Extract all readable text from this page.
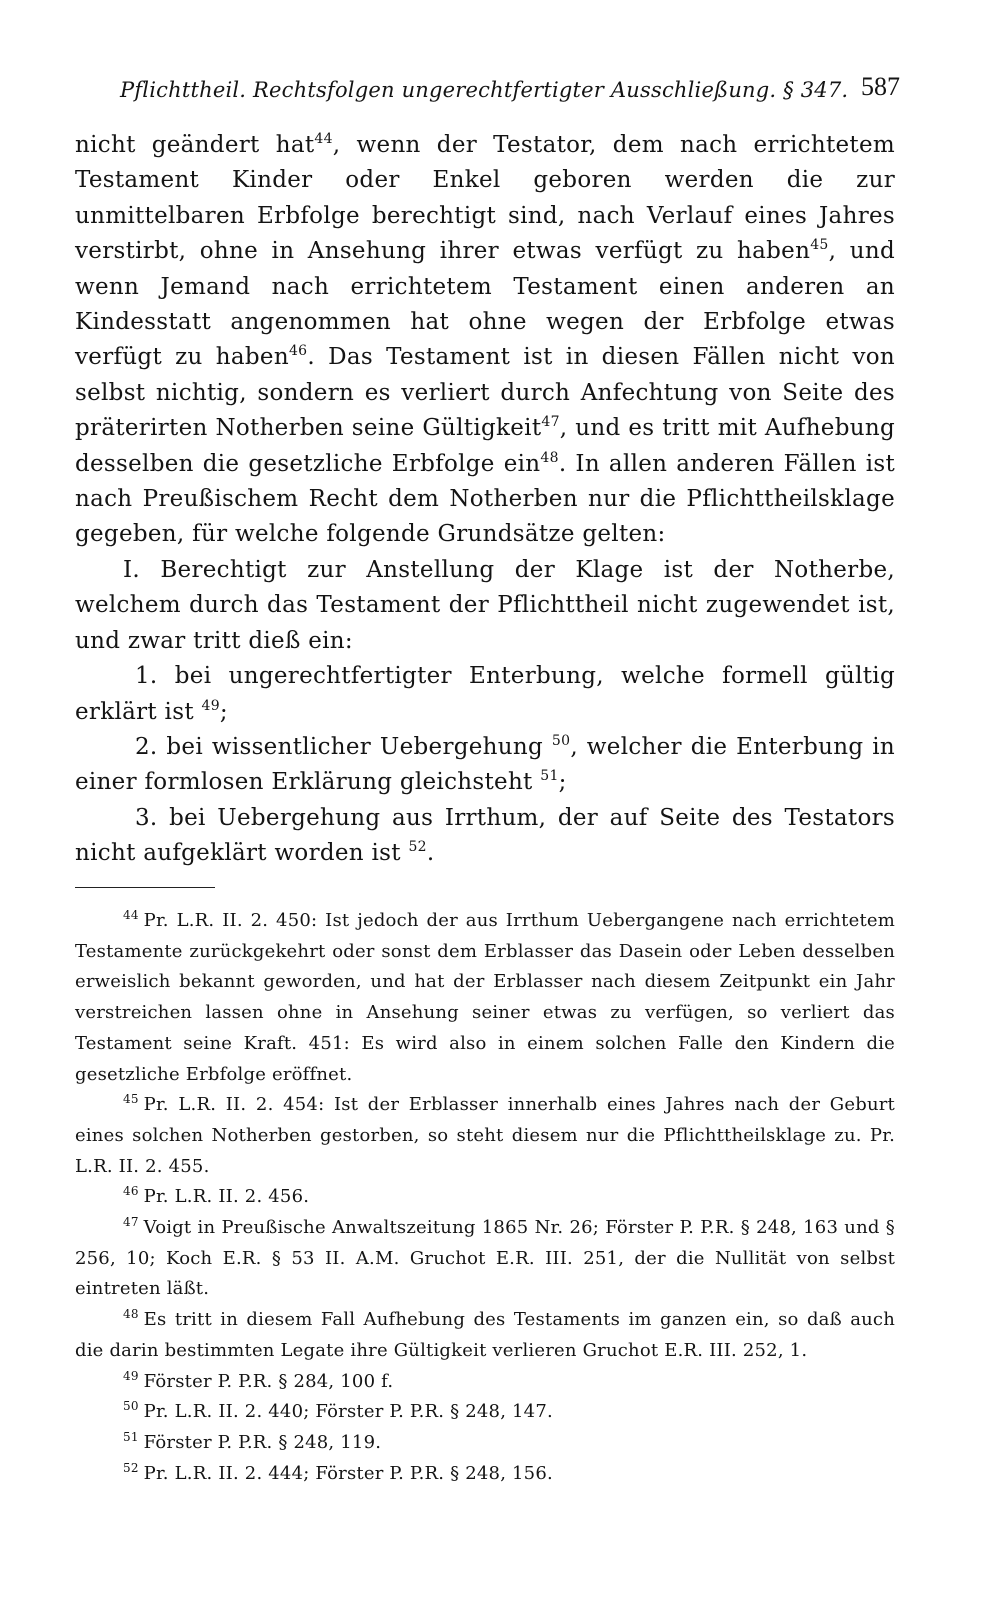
Pflichttheil. Rechtsfolgen ungerechtfertigter Ausschließung. § 347. 587

nicht geändert hat$^{44}$, wenn der Testator, dem nach errichtetem Testament Kinder oder Enkel geboren werden die zur unmittelbaren Erbfolge berechtigt sind, nach Verlauf eines Jahres verstirbt, ohne in Ansehung ihrer etwas verfügt zu haben$^{45}$, und wenn Jemand nach errichtetem Testament einen anderen an Kindesstatt angenommen hat ohne wegen der Erbfolge etwas verfügt zu haben$^{46}$. Das Testament ist in diesen Fällen nicht von selbst nichtig, sondern es verliert durch Anfechtung von Seite des präterirten Notherben seine Gültigkeit$^{47}$, und es tritt mit Aufhebung desselben die gesetzliche Erbfolge ein$^{48}$. In allen anderen Fällen ist nach Preußischem Recht dem Notherben nur die Pflichttheilsklage gegeben, für welche folgende Grundsätze gelten:

I. Berechtigt zur Anstellung der Klage ist der Notherbe, welchem durch das Testament der Pflichttheil nicht zugewendet ist, und zwar tritt dieß ein:

1. bei ungerechtfertigter Enterbung, welche formell gültig erklärt ist $^{49}$;

2. bei wissentlicher Uebergehung $^{50}$, welcher die Enterbung in einer formlosen Erklärung gleichsteht $^{51}$;

3. bei Uebergehung aus Irrthum, der auf Seite des Testators nicht aufgeklärt worden ist $^{52}$.

$^{44}$ Pr. L.R. II. 2. 450: Ist jedoch der aus Irrthum Uebergangene nach errichtetem Testamente zurückgekehrt oder sonst dem Erblasser das Dasein oder Leben desselben erweislich bekannt geworden, und hat der Erblasser nach diesem Zeitpunkt ein Jahr verstreichen lassen ohne in Ansehung seiner etwas zu verfügen, so verliert das Testament seine Kraft. 451: Es wird also in einem solchen Falle den Kindern die gesetzliche Erbfolge eröffnet.

$^{45}$ Pr. L.R. II. 2. 454: Ist der Erblasser innerhalb eines Jahres nach der Geburt eines solchen Notherben gestorben, so steht diesem nur die Pflichttheilsklage zu. Pr. L.R. II. 2. 455.

$^{46}$ Pr. L.R. II. 2. 456.

$^{47}$ Voigt in Preußische Anwaltszeitung 1865 Nr. 26; Förster P. P.R. § 248, 163 und § 256, 10; Koch E.R. § 53 II. A.M. Gruchot E.R. III. 251, der die Nullität von selbst eintreten läßt.

$^{48}$ Es tritt in diesem Fall Aufhebung des Testaments im ganzen ein, so daß auch die darin bestimmten Legate ihre Gültigkeit verlieren Gruchot E.R. III. 252, 1.

$^{49}$ Förster P. P.R. § 284, 100 f.

$^{50}$ Pr. L.R. II. 2. 440; Förster P. P.R. § 248, 147.

$^{51}$ Förster P. P.R. § 248, 119.

$^{52}$ Pr. L.R. II. 2. 444; Förster P. P.R. § 248, 156.
